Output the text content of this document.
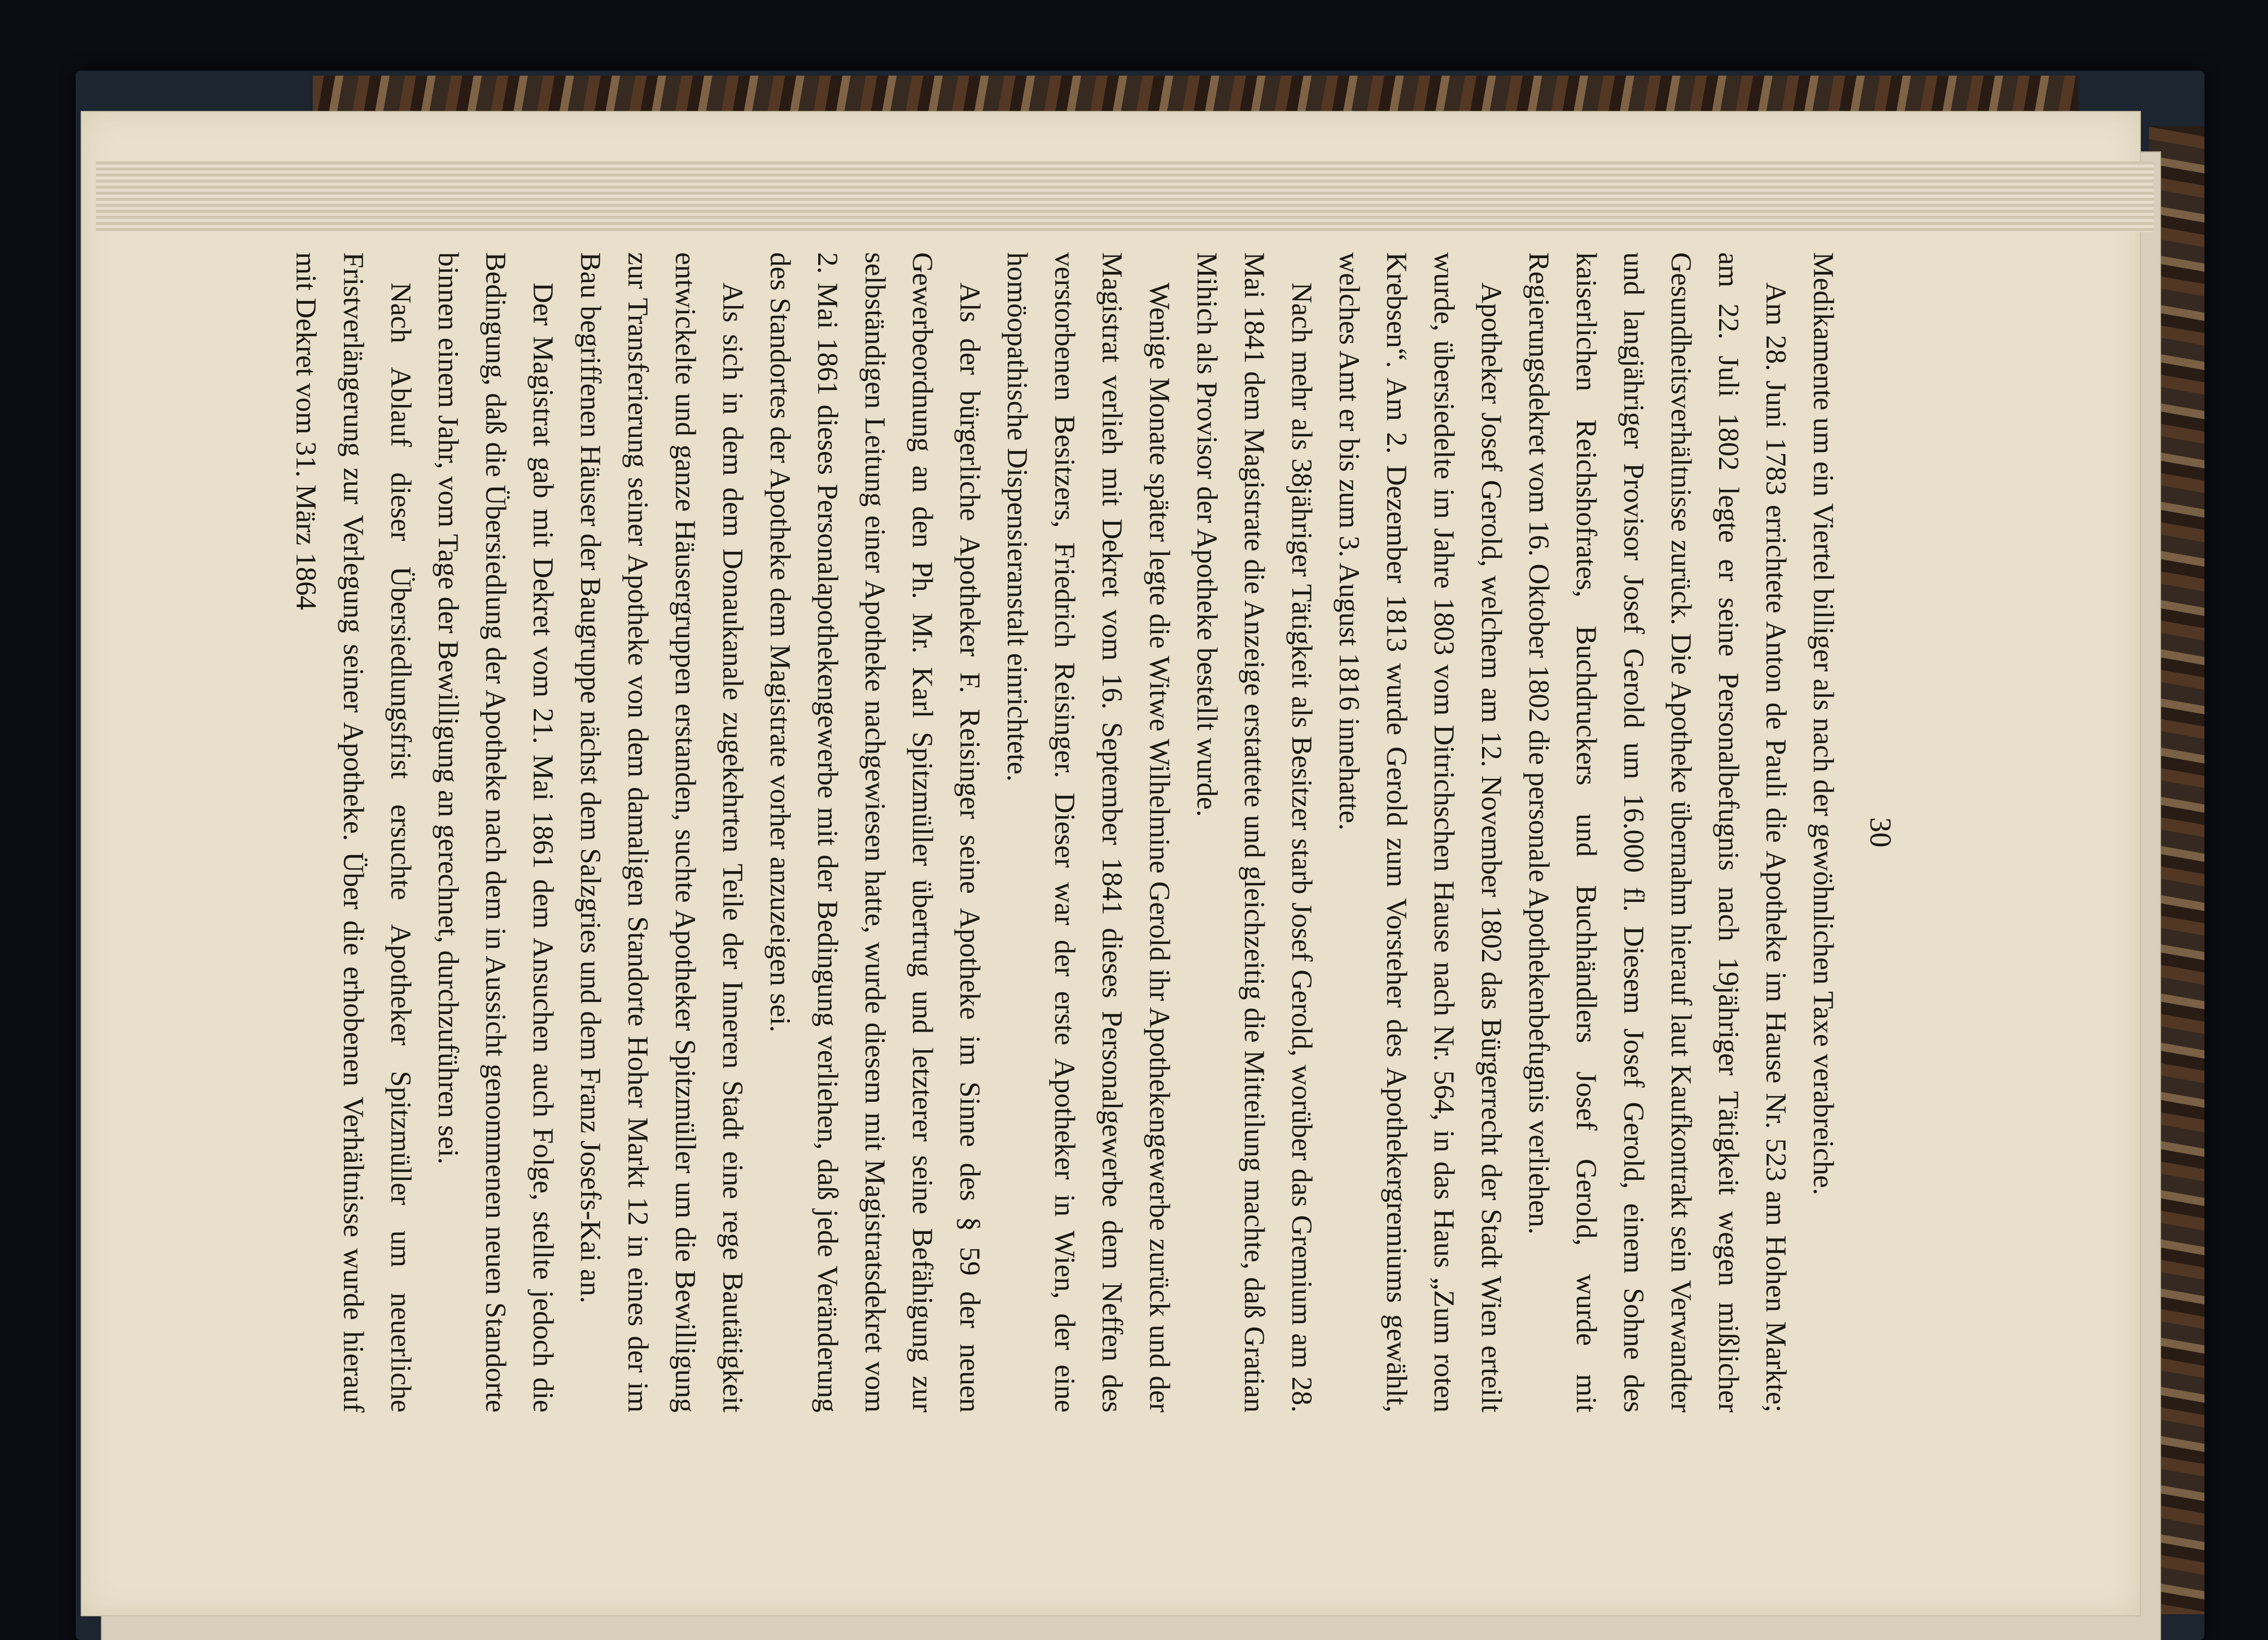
30

Medikamente um ein Viertel billiger als nach der gewöhnlichen Taxe verabreiche.

Am 28. Juni 1783 errichtete Anton de Pauli die Apotheke im Hause Nr. 523 am Hohen Markte; am 22. Juli 1802 legte er seine Personalbefugnis nach 19jähriger Tätigkeit wegen mißlicher Gesundheitsverhältnisse zurück. Die Apotheke übernahm hierauf laut Kaufkontrakt sein Verwandter und langjähriger Provisor Josef Gerold um 16.000 fl. Diesem Josef Gerold, einem Sohne des kaiserlichen Reichshofrates, Buchdruckers und Buchhändlers Josef Gerold, wurde mit Regierungsdekret vom 16. Oktober 1802 die personale Apothekenbefugnis verliehen.

Apotheker Josef Gerold, welchem am 12. November 1802 das Bürgerrecht der Stadt Wien erteilt wurde, übersiedelte im Jahre 1803 vom Ditrichschen Hause nach Nr. 564, in das Haus „Zum roten Krebsen“. Am 2. Dezember 1813 wurde Gerold zum Vorsteher des Apothekergremiums gewählt, welches Amt er bis zum 3. August 1816 innehatte.

Nach mehr als 38jähriger Tätigkeit als Besitzer starb Josef Gerold, worüber das Gremium am 28. Mai 1841 dem Magistrate die Anzeige erstattete und gleichzeitig die Mitteilung machte, daß Gratian Mihich als Provisor der Apotheke bestellt wurde.

Wenige Monate später legte die Witwe Wilhelmine Gerold ihr Apothekengewerbe zurück und der Magistrat verlieh mit Dekret vom 16. September 1841 dieses Personalgewerbe dem Neffen des verstorbenen Besitzers, Friedrich Reisinger. Dieser war der erste Apotheker in Wien, der eine homöopathische Dispensieranstalt einrichtete.

Als der bürgerliche Apotheker F. Reisinger seine Apotheke im Sinne des § 59 der neuen Gewerbeordnung an den Ph. Mr. Karl Spitzmüller übertrug und letzterer seine Befähigung zur selbständigen Leitung einer Apotheke nachgewiesen hatte, wurde diesem mit Magistratsdekret vom 2. Mai 1861 dieses Personalapothekengewerbe mit der Bedingung verliehen, daß jede Veränderung des Standortes der Apotheke dem Magistrate vorher anzuzeigen sei.

Als sich in dem dem Donaukanale zugekehrten Teile der Inneren Stadt eine rege Bautätigkeit entwickelte und ganze Häusergruppen erstanden, suchte Apotheker Spitzmüller um die Bewilligung zur Transferierung seiner Apotheke von dem damaligen Standorte Hoher Markt 12 in eines der im Bau begriffenen Häuser der Baugruppe nächst dem Salzgries und dem Franz Josefs-Kai an.

Der Magistrat gab mit Dekret vom 21. Mai 1861 dem Ansuchen auch Folge, stellte jedoch die Bedingung, daß die Übersiedlung der Apotheke nach dem in Aussicht genommenen neuen Standorte binnen einem Jahr, vom Tage der Bewilligung an gerechnet, durchzuführen sei.

Nach Ablauf dieser Übersiedlungsfrist ersuchte Apotheker Spitzmüller um neuerliche Fristverlängerung zur Verlegung seiner Apotheke. Über die erhobenen Verhältnisse wurde hierauf mit Dekret vom 31. März 1864
